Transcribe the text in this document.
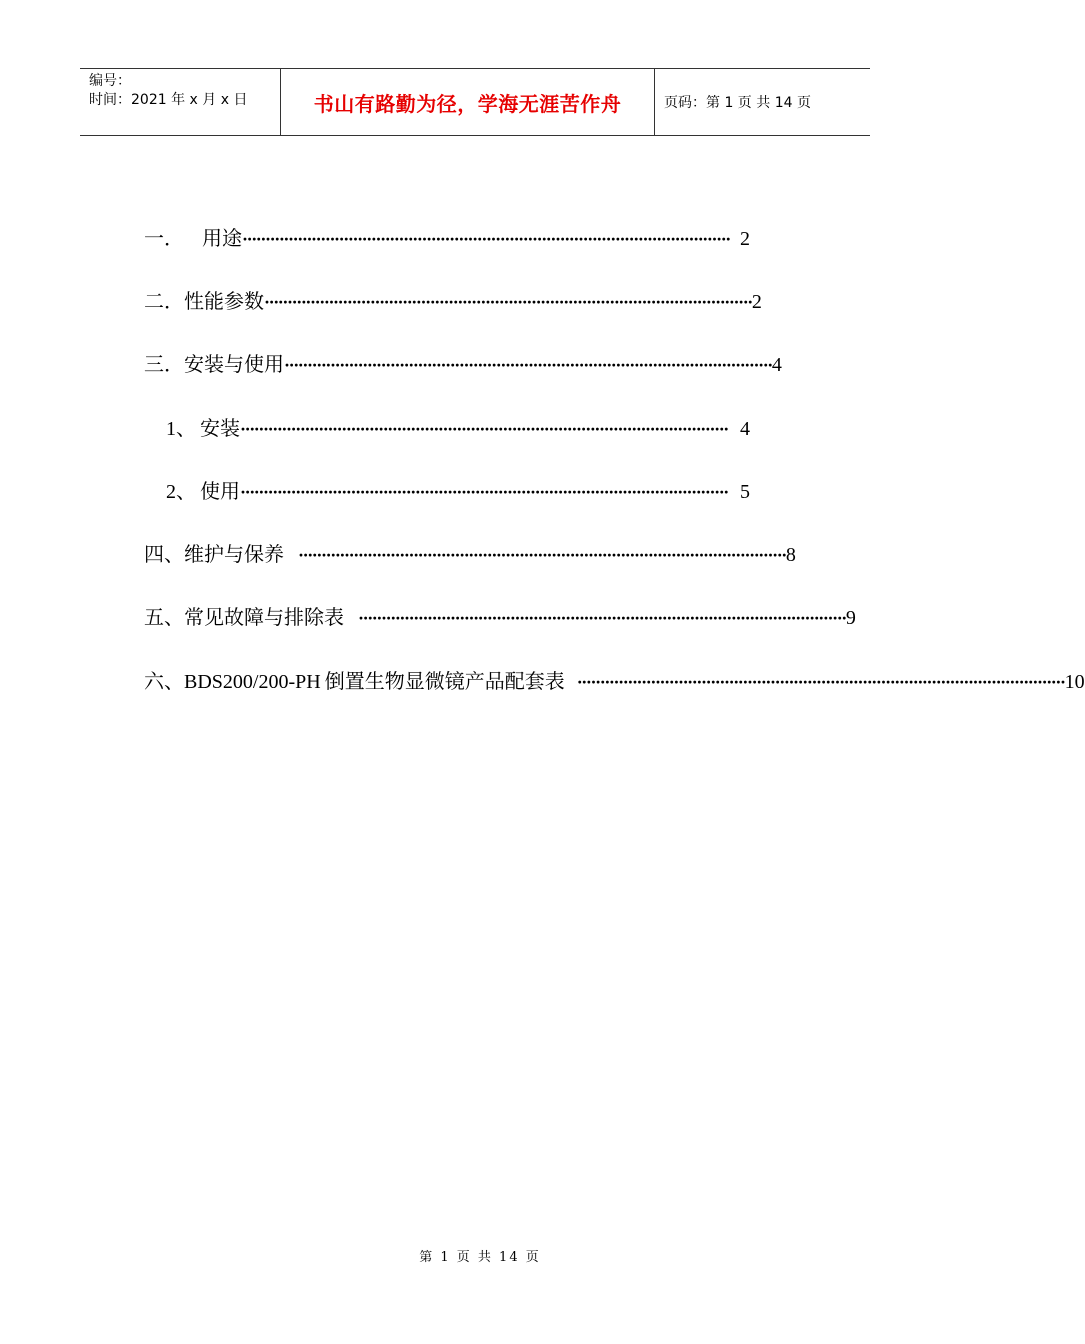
编号：
时间：2021 年 x 月 x 日	书山有路勤为径，学海无涯苦作舟	页码：第 1 页 共 14 页
一． 用途 ·········································································································· 2
二． 性能参数 ·········································································································· 2
三． 安装与使用 ·········································································································· 4
1、 安装 ·········································································································· 4
2、 使用 ·········································································································· 5
四、 维护与保养 ·········································································································· 8
五、 常见故障与排除表 ·········································································································· 9
六、 BDS200/200-PH 倒置生物显微镜产品配套表 ·········································································································· 10
第 1 页 共 14 页
